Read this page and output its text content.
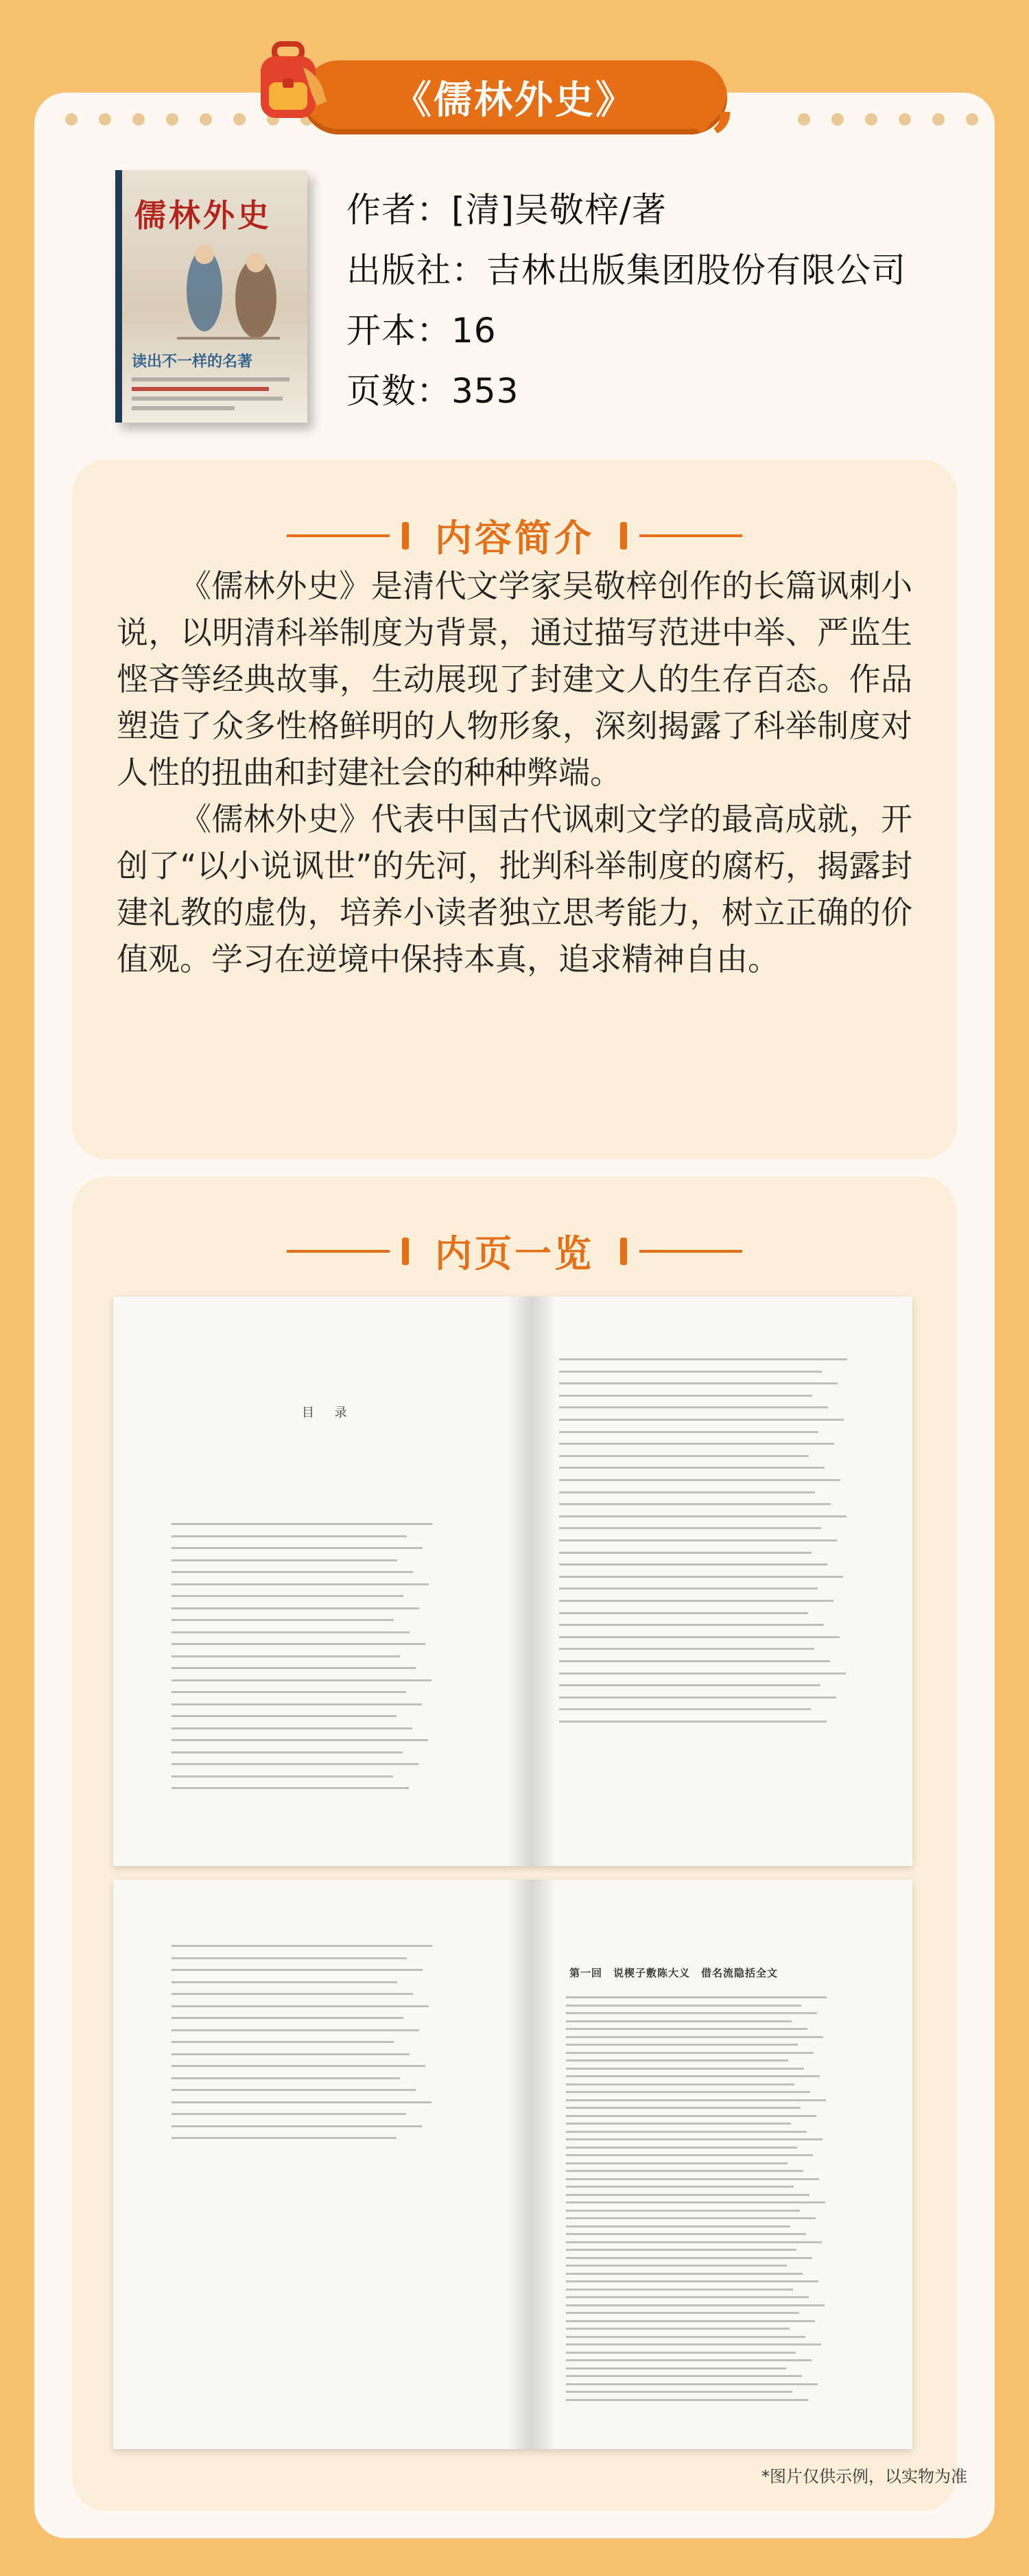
《儒林外史》 ”
儒林外史
读出不一样的名著
作者：[清]吴敬梓/著
出版社：吉林出版集团股份有限公司
开本：16
页数：353
内容简介

《儒林外史》是清代文学家吴敬梓创作的长篇讽刺小说，以明清科举制度为背景，通过描写范进中举、严监生悭吝等经典故事，生动展现了封建文人的生存百态。作品塑造了众多性格鲜明的人物形象，深刻揭露了科举制度对人性的扭曲和封建社会的种种弊端。

《儒林外史》代表中国古代讽刺文学的最高成就，开创了“以小说讽世”的先河，批判科举制度的腐朽，揭露封建礼教的虚伪，培养小读者独立思考能力，树立正确的价值观。学习在逆境中保持本真，追求精神自由。

内页一览
目 录
第一回　说楔子敷陈大义　借名流隐括全文
*图片仅供示例，以实物为准
